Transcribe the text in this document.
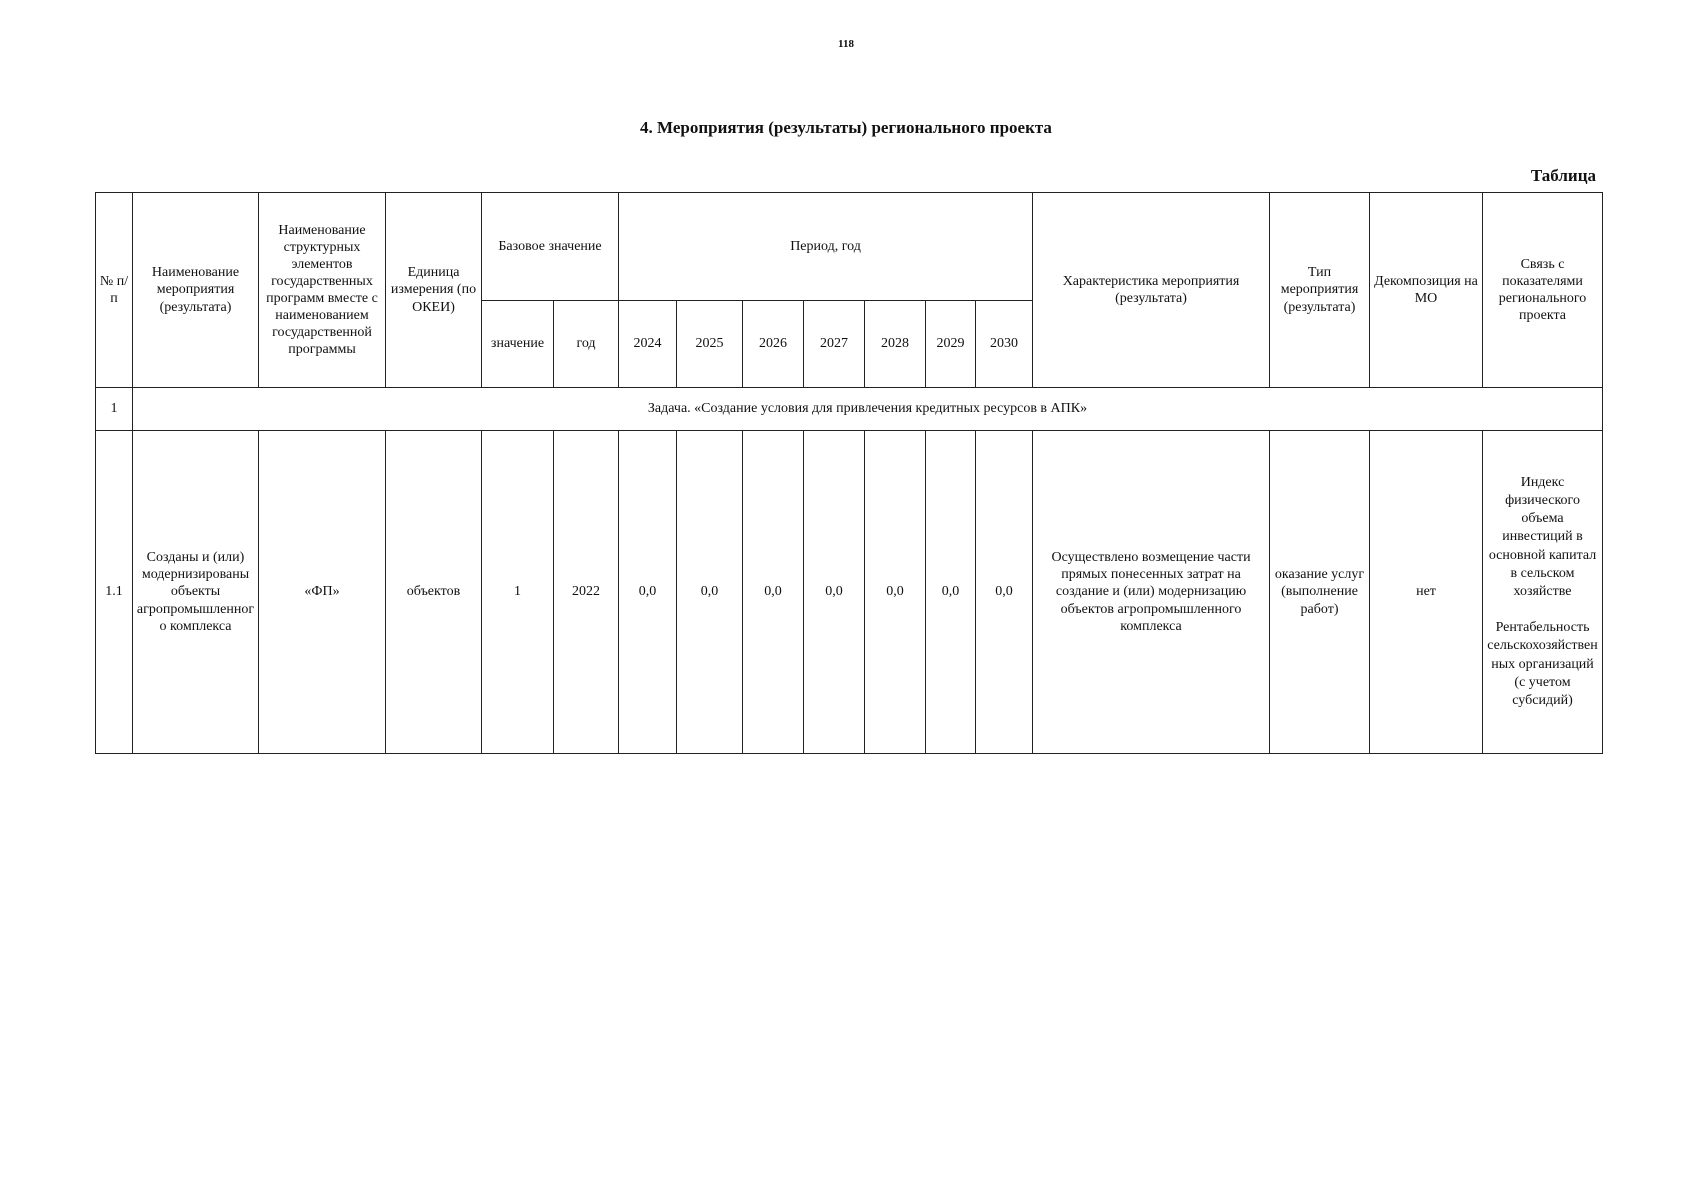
118
4. Мероприятия (результаты) регионального проекта
Таблица
№ п/п	Наименование мероприятия (результата)	Наименование структурных элементов государственных программ вместе с наименованием государственной программы	Единица измерения (по ОКЕИ)	Базовое значение		Период, год							Характеристика мероприятия (результата)	Тип мероприятия (результата)	Декомпозиция на МО	Связь с показателями регионального проекта
				значение	год	2024	2025	2026	2027	2028	2029	2030				
1	Задача. «Создание условия для привлечения кредитных ресурсов в АПК»															
1.1	Созданы и (или) модернизированы объекты агропромышленного комплекса	«ФП»	объектов	1	2022	0,0	0,0	0,0	0,0	0,0	0,0	0,0	Осуществлено возмещение части прямых понесенных затрат на создание и (или) модернизацию объектов агропромышленного комплекса	оказание услуг (выполнение работ)	нет	Индекс физического объема инвестиций в основной капитал в сельском хозяйстве
Рентабельность сельскохозяйственных организаций (с учетом субсидий)
